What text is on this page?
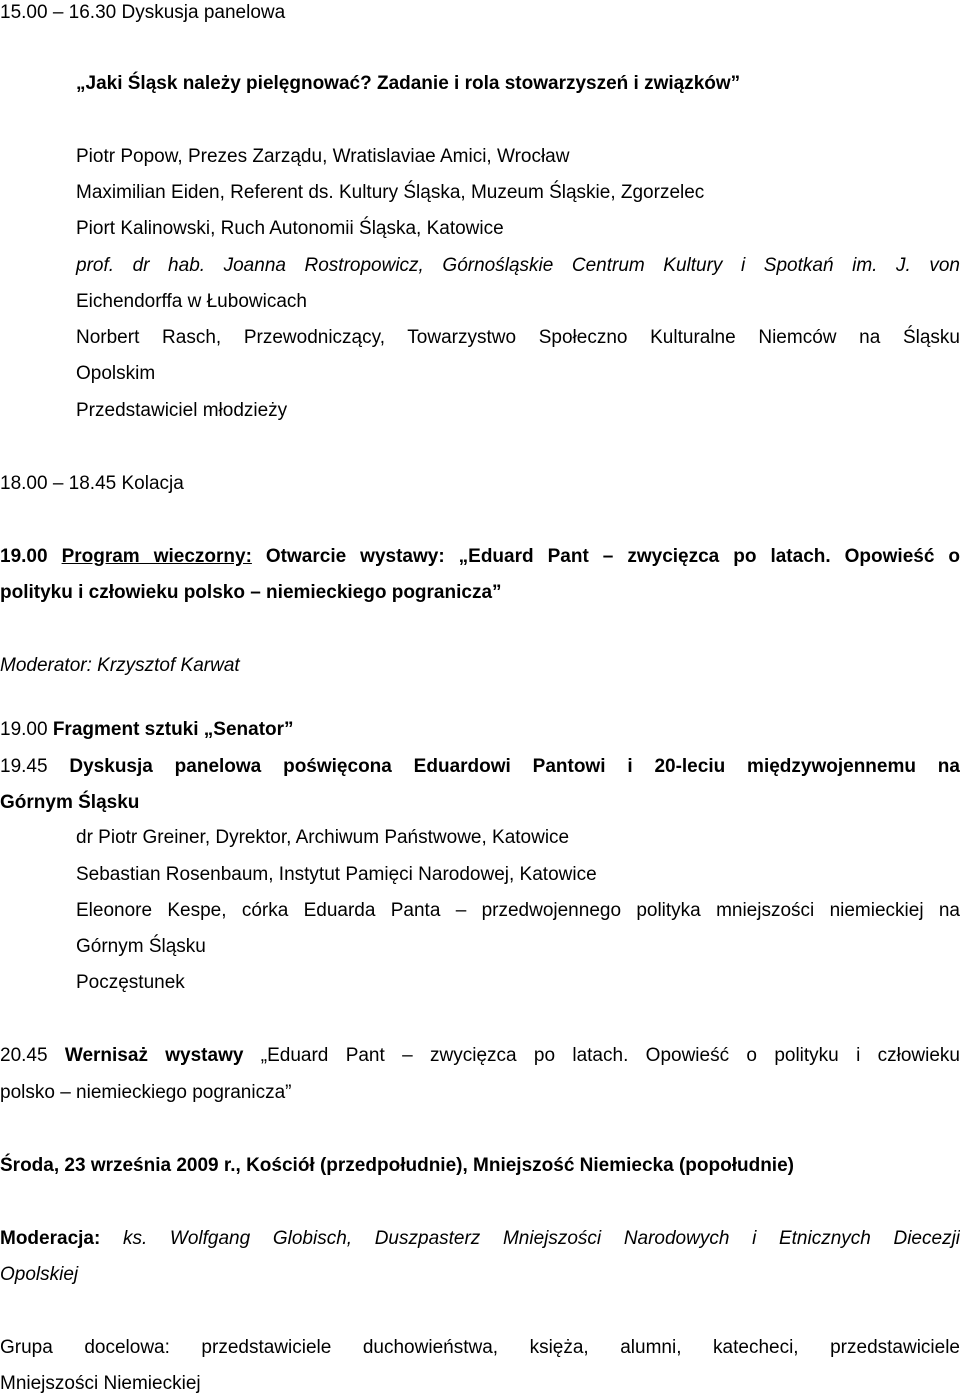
15.00 – 16.30 Dyskusja panelowa
„Jaki Śląsk należy pielęgnować? Zadanie i rola stowarzyszeń i związków”
Piotr Popow, Prezes Zarządu, Wratislaviae Amici, Wrocław
Maximilian Eiden, Referent ds. Kultury Śląska, Muzeum Śląskie, Zgorzelec
Piort Kalinowski, Ruch Autonomii Śląska, Katowice
prof. dr hab. Joanna Rostropowicz, Górnośląskie Centrum Kultury i Spotkań im. J. von
Eichendorffa w Łubowicach
Norbert Rasch, Przewodniczący, Towarzystwo Społeczno Kulturalne Niemców na Śląsku
Opolskim
Przedstawiciel młodzieży
18.00 – 18.45 Kolacja
19.00 Program wieczorny: Otwarcie wystawy: „Eduard Pant – zwycięzca po latach. Opowieść o
polityku i człowieku polsko – niemieckiego pogranicza”
Moderator: Krzysztof Karwat
19.00 Fragment sztuki „Senator”
19.45 Dyskusja panelowa poświęcona Eduardowi Pantowi i 20-leciu międzywojennemu na
Górnym Śląsku
dr Piotr Greiner, Dyrektor, Archiwum Państwowe, Katowice
Sebastian Rosenbaum, Instytut Pamięci Narodowej, Katowice
Eleonore Kespe, córka Eduarda Panta – przedwojennego polityka mniejszości niemieckiej na
Górnym Śląsku
Poczęstunek
20.45 Wernisaż wystawy „Eduard Pant – zwycięzca po latach. Opowieść o polityku i człowieku
polsko – niemieckiego pogranicza”
Środa, 23 września 2009 r., Kościół (przedpołudnie), Mniejszość Niemiecka (popołudnie)
Moderacja: ks. Wolfgang Globisch, Duszpasterz Mniejszości Narodowych i Etnicznych Diecezji
Opolskiej
Grupa docelowa: przedstawiciele duchowieństwa, księża, alumni, katecheci, przedstawiciele
Mniejszości Niemieckiej
